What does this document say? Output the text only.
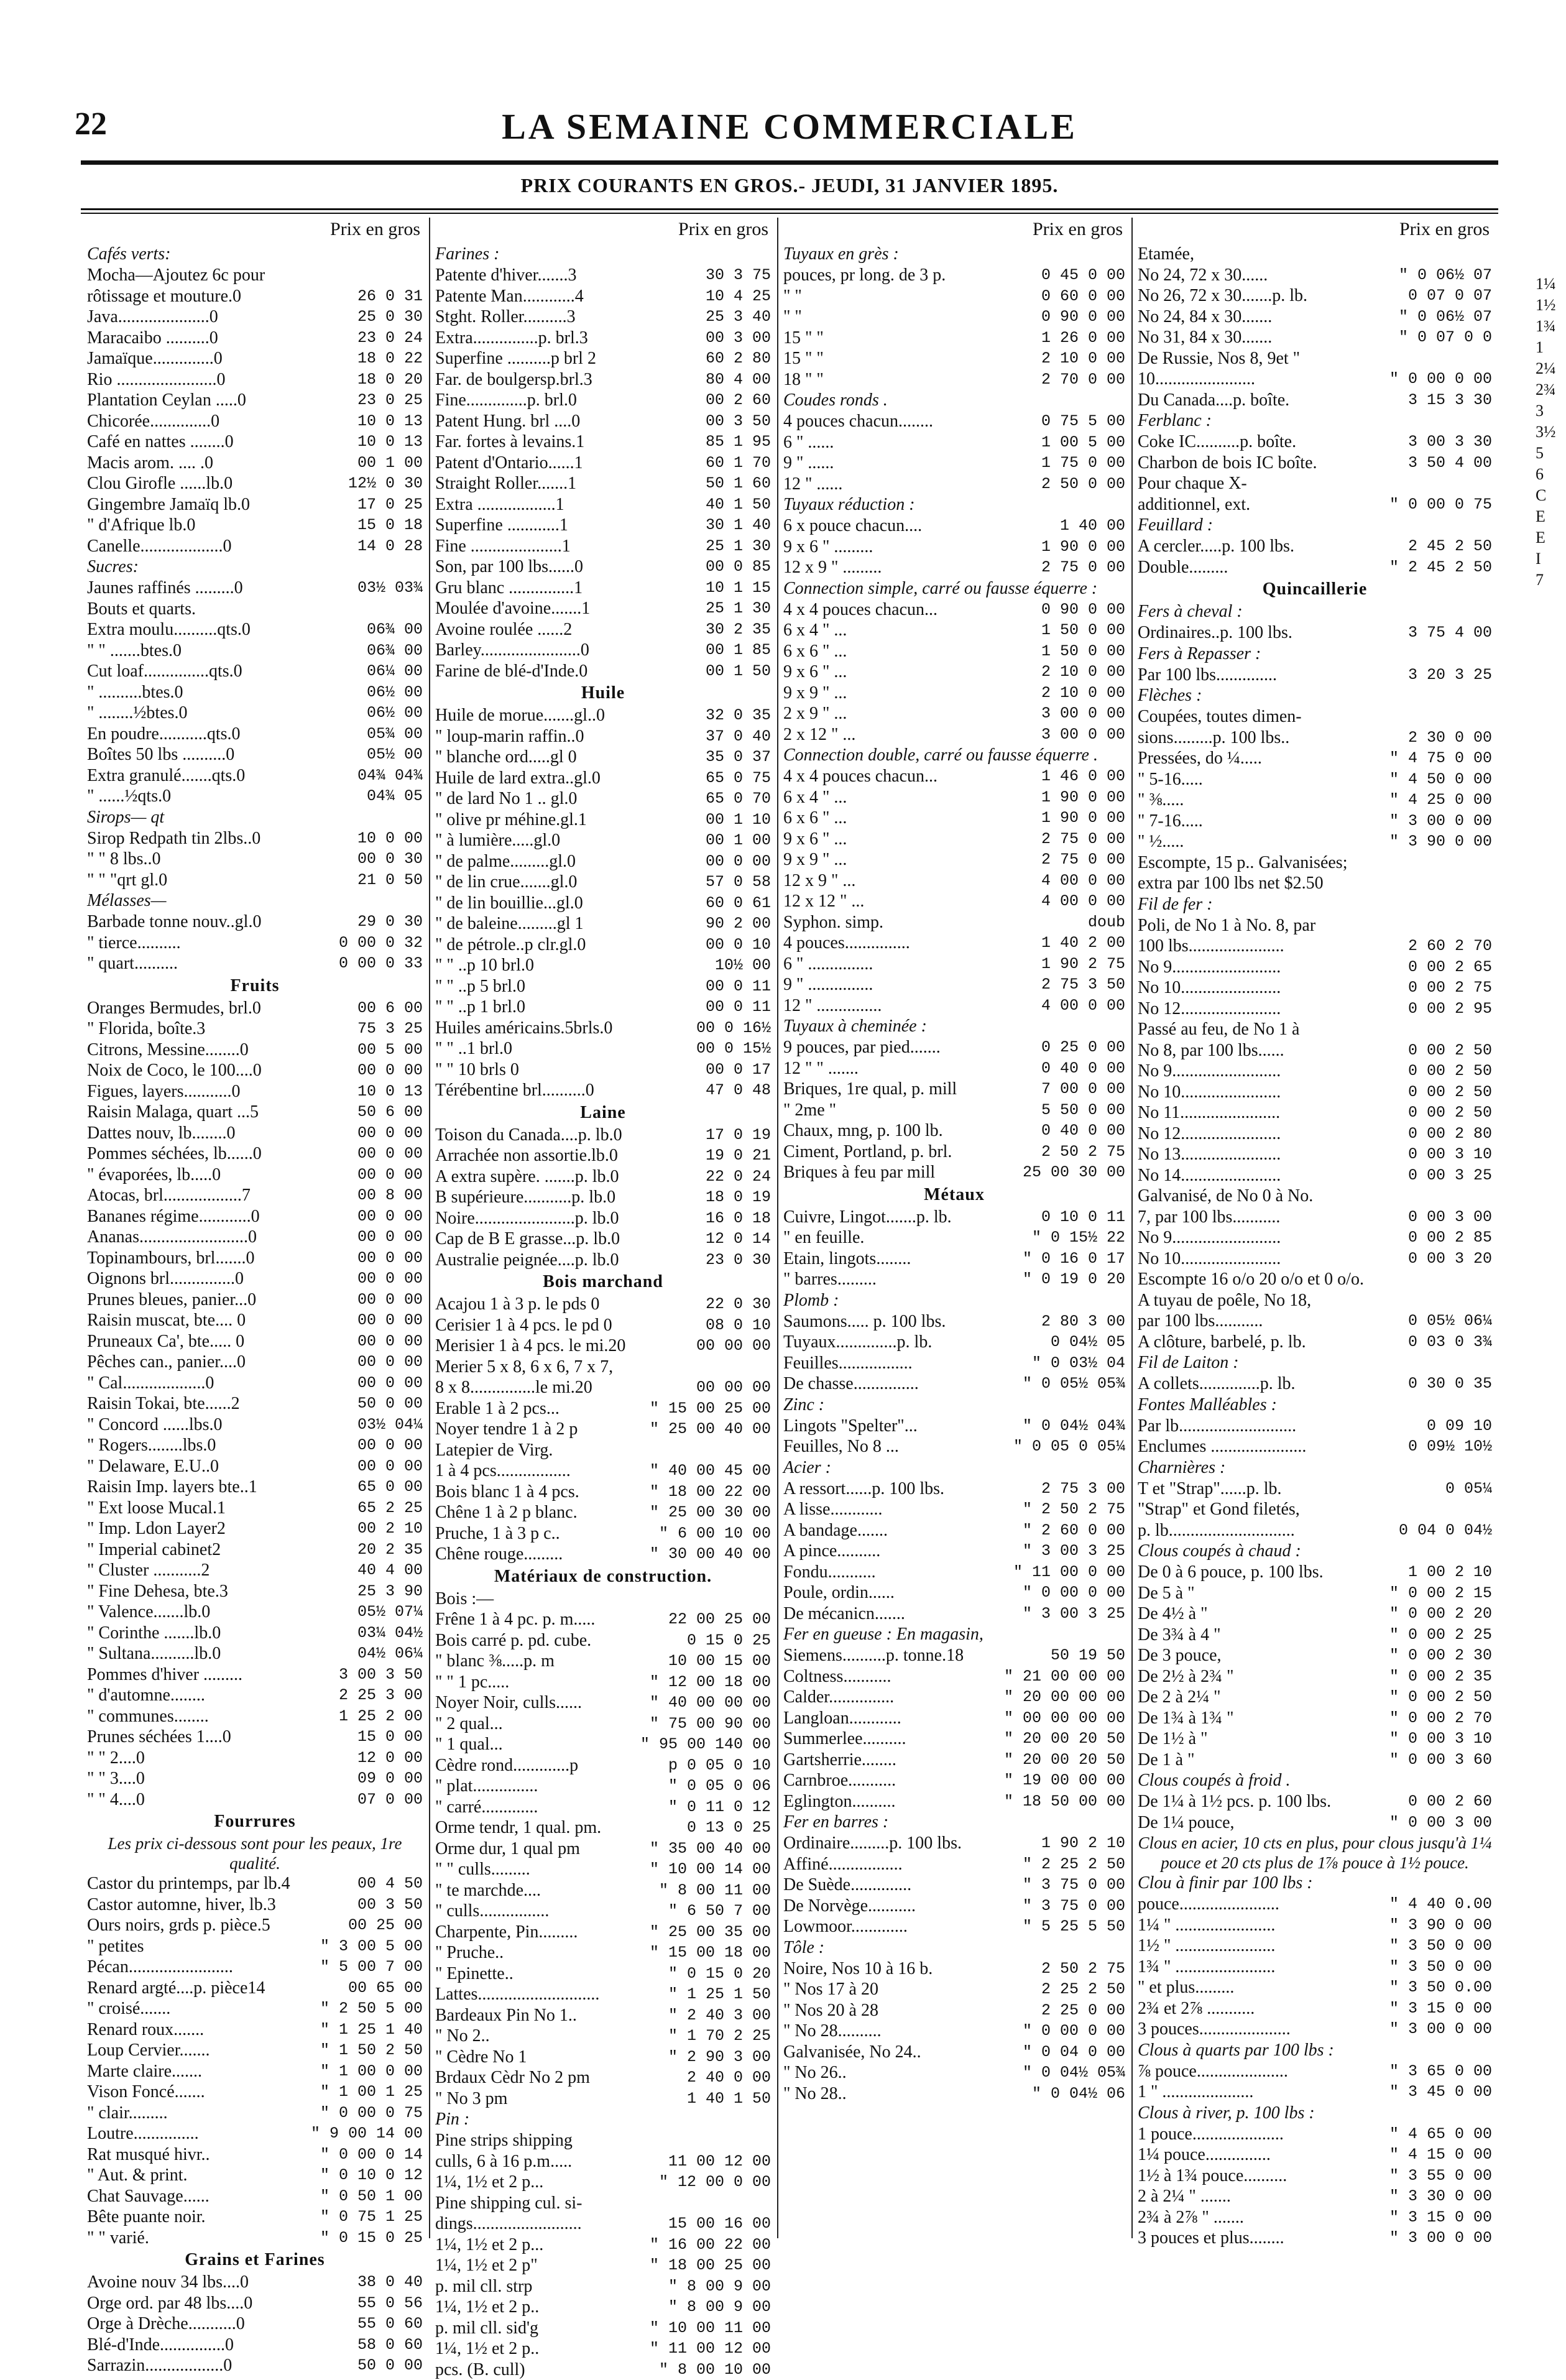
22	LA SEMAINE COMMERCIALE
PRIX COURANTS EN GROS.- JEUDI, 31 JANVIER 1895.
Prix en gros
Cafés verts:
Mocha—Ajoutez 6c pour
rôtissage et mouture.0	26 0 31
Java.....................0	25 0 30
Maracaibo ..........0	23 0 24
Jamaïque..............0	18 0 22
Rio .......................0	18 0 20
Plantation Ceylan .....0	23 0 25
Chicorée..............0	10 0 13
Café en nattes ........0	10 0 13
Macis arom. .... .0	00 1 00
Clou Girofle ......lb.0	12½ 0 30
Gingembre Jamaïq lb.0	17 0 25
" d'Afrique lb.0	15 0 18
Canelle...................0	14 0 28
Sucres:
Jaunes raffinés .........0	03½ 03¾
Bouts et quarts.
Extra moulu..........qts.0	06¾ 00
" " .......btes.0	06¾ 00
Cut loaf...............qts.0	06¼ 00
" ..........btes.0	06½ 00
" ........½btes.0	06½ 00
En poudre...........qts.0	05¾ 00
Boîtes 50 lbs ..........0	05½ 00
Extra granulé.......qts.0	04¾ 04¾
" ......½qts.0	04¾ 05
Sirops— qt
Sirop Redpath tin 2lbs..0	10 0 00
" " 8 lbs..0	00 0 30
" " "qrt gl.0	21 0 50
Mélasses—
Barbade tonne nouv..gl.0	29 0 30
" tierce..........	0 00 0 32
" quart..........	0 00 0 33
Fruits
Oranges Bermudes, brl.0	00 6 00
" Florida, boîte.3	75 3 25
Citrons, Messine........0	00 5 00
Noix de Coco, le 100....0	00 0 00
Figues, layers...........0	10 0 13
Raisin Malaga, quart ...5	50 6 00
Dattes nouv, lb........0	00 0 00
Pommes séchées, lb......0	00 0 00
" évaporées, lb.....0	00 0 00
Atocas, brl..................7	00 8 00
Bananes régime............0	00 0 00
Ananas.........................0	00 0 00
Topinambours, brl.......0	00 0 00
Oignons brl...............0	00 0 00
Prunes bleues, panier...0	00 0 00
Raisin muscat, bte.... 0	00 0 00
Pruneaux Ca', bte..... 0	00 0 00
Pêches can., panier....0	00 0 00
" Cal...................0	00 0 00
Raisin Tokai, bte......2	50 0 00
" Concord ......lbs.0	03½ 04¼
" Rogers........lbs.0	00 0 00
" Delaware, E.U..0	00 0 00
Raisin Imp. layers bte..1	65 0 00
" Ext loose Mucal.1	65 2 25
" Imp. Ldon Layer2	00 2 10
" Imperial cabinet2	20 2 35
" Cluster ...........2	40 4 00
" Fine Dehesa, bte.3	25 3 90
" Valence.......lb.0	05½ 07¼
" Corinthe .......lb.0	03¼ 04½
" Sultana..........lb.0	04½ 06¼
Pommes d'hiver .........	3 00 3 50
" d'automne........	2 25 3 00
" communes........	1 25 2 00
Prunes séchées 1....0	15 0 00
" " 2....0	12 0 00
" " 3....0	09 0 00
" " 4....0	07 0 00
Fourrures
Les prix ci-dessous sont pour les peaux, 1re qualité.
Castor du printemps, par lb.4	00 4 50
Castor automne, hiver, lb.3	00 3 50
Ours noirs, grds p. pièce.5	00 25 00
" petites	" 3 00 5 00
Pécan........................	" 5 00 7 00
Renard argté....p. pièce14	00 65 00
" croisé.......	" 2 50 5 00
Renard roux.......	" 1 25 1 40
Loup Cervier.......	" 1 50 2 50
Marte claire.......	" 1 00 0 00
Vison Foncé.......	" 1 00 1 25
" clair.........	" 0 00 0 75
Loutre...............	" 9 00 14 00
Rat musqué hivr..	" 0 00 0 14
" Aut. & print.	" 0 10 0 12
Chat Sauvage......	" 0 50 1 00
Bête puante noir.	" 0 75 1 25
" " varié.	" 0 15 0 25
Grains et Farines
Avoine nouv 34 lbs....0	38 0 40
Orge ord. par 48 lbs....0	55 0 56
Orge à Drèche...........0	55 0 60
Blé-d'Inde...............0	58 0 60
Sarrazin..................0	50 0 00
Prix en gros
Farines :
Patente d'hiver.......3	30 3 75
Patente Man............4	10 4 25
Stght. Roller..........3	25 3 40
Extra...............p. brl.3	00 3 00
Superfine ..........p brl 2	60 2 80
Far. de boulgersp.brl.3	80 4 00
Fine..............p. brl.0	00 2 60
Patent Hung. brl ....0	00 3 50
Far. fortes à levains.1	85 1 95
Patent d'Ontario......1	60 1 70
Straight Roller.......1	50 1 60
Extra ..................1	40 1 50
Superfine ............1	30 1 40
Fine .....................1	25 1 30
Son, par 100 lbs......0	00 0 85
Gru blanc ...............1	10 1 15
Moulée d'avoine.......1	25 1 30
Avoine roulée ......2	30 2 35
Barley.......................0	00 1 85
Farine de blé-d'Inde.0	00 1 50
Huile
Huile de morue.......gl..0	32 0 35
" loup-marin raffin..0	37 0 40
" blanche ord.....gl 0	35 0 37
Huile de lard extra..gl.0	65 0 75
" de lard No 1 .. gl.0	65 0 70
" olive pr méhine.gl.1	00 1 10
" à lumière.....gl.0	00 1 00
" de palme.........gl.0	00 0 00
" de lin crue.......gl.0	57 0 58
" de lin bouillie...gl.0	60 0 61
" de baleine.........gl 1	90 2 00
" de pétrole..p clr.gl.0	00 0 10
" " ..p 10 brl.0	10½ 00
" " ..p 5 brl.0	00 0 11
" " ..p 1 brl.0	00 0 11
Huiles américains.5brls.0	00 0 16½
" " ..1 brl.0	00 0 15½
" " 10 brls 0	00 0 17
Térébentine brl..........0	47 0 48
Laine
Toison du Canada....p. lb.0	17 0 19
Arrachée non assortie.lb.0	19 0 21
A extra supère. .......p. lb.0	22 0 24
B supérieure...........p. lb.0	18 0 19
Noire.......................p. lb.0	16 0 18
Cap de B E grasse...p. lb.0	12 0 14
Australie peignée....p. lb.0	23 0 30
Bois marchand
Acajou 1 à 3 p. le pds 0	22 0 30
Cerisier 1 à 4 pcs. le pd 0	08 0 10
Merisier 1 à 4 pcs. le mi.20	00 00 00
Merier 5 x 8, 6 x 6, 7 x 7,
8 x 8...............le mi.20	00 00 00
Erable 1 à 2 pcs...	" 15 00 25 00
Noyer tendre 1 à 2 p	" 25 00 40 00
Latepier de Virg.
1 à 4 pcs.................	" 40 00 45 00
Bois blanc 1 à 4 pcs.	" 18 00 22 00
Chêne 1 à 2 p blanc.	" 25 00 30 00
Pruche, 1 à 3 p c..	" 6 00 10 00
Chêne rouge.........	" 30 00 40 00
Matériaux de construction.
Bois :—
Frêne 1 à 4 pc. p. m.....	22 00 25 00
Bois carré p. pd. cube.	0 15 0 25
" blanc ⅜.....p. m	10 00 15 00
" " 1 pc.....	" 12 00 18 00
Noyer Noir, culls......	" 40 00 00 00
" 2 qual...	" 75 00 90 00
" 1 qual...	" 95 00 140 00
Cèdre rond.............p	p 0 05 0 10
" plat...............	" 0 05 0 06
" carré.............	" 0 11 0 12
Orme tendr, 1 qual. pm.	0 13 0 25
Orme dur, 1 qual pm	" 35 00 40 00
" " culls.........	" 10 00 14 00
" te marchde....	" 8 00 11 00
" culls................	" 6 50 7 00
Charpente, Pin.........	" 25 00 35 00
" Pruche..	" 15 00 18 00
" Epinette..	" 0 15 0 20
Lattes............................	" 1 25 1 50
Bardeaux Pin No 1..	" 2 40 3 00
" No 2..	" 1 70 2 25
" Cèdre No 1	" 2 90 3 00
Brdaux Cèdr No 2 pm	2 40 0 00
" No 3 pm	1 40 1 50
Pin :
Pine strips shipping
culls, 6 à 16 p.m.....	11 00 12 00
1¼, 1½ et 2 p...	" 12 00 0 00
Pine shipping cul. si-
dings.........................	15 00 16 00
1¼, 1½ et 2 p...	" 16 00 22 00
1¼, 1½ et 2 p"	" 18 00 25 00
p. mil cll. strp	" 8 00 9 00
1¼, 1½ et 2 p..	" 8 00 9 00
p. mil cll. sid'g	" 10 00 11 00
1¼, 1½ et 2 p..	" 11 00 12 00
pcs. (B. cull)	" 8 00 10 00
Prix en gros
Tuyaux en grès :
pouces, pr long. de 3 p.	0 45 0 00
" "	0 60 0 00
" "	0 90 0 00
15 " "	1 26 0 00
15 " "	2 10 0 00
18 " "	2 70 0 00
Coudes ronds .
4 pouces chacun........	0 75 5 00
6 " ......	1 00 5 00
9 " ......	1 75 0 00
12 " ......	2 50 0 00
Tuyaux réduction :
6 x pouce chacun....	1 40 00
9 x 6 " .........	1 90 0 00
12 x 9 " .........	2 75 0 00
Connection simple, carré ou fausse équerre :
4 x 4 pouces chacun...	0 90 0 00
6 x 4 " ...	1 50 0 00
6 x 6 " ...	1 50 0 00
9 x 6 " ...	2 10 0 00
9 x 9 " ...	2 10 0 00
2 x 9 " ...	3 00 0 00
2 x 12 " ...	3 00 0 00
Connection double, carré ou fausse équerre .
4 x 4 pouces chacun...	1 46 0 00
6 x 4 " ...	1 90 0 00
6 x 6 " ...	1 90 0 00
9 x 6 " ...	2 75 0 00
9 x 9 " ...	2 75 0 00
12 x 9 " ...	4 00 0 00
12 x 12 " ...	4 00 0 00
Syphon. simp.	doub
4 pouces...............	1 40 2 00
6 " ...............	1 90 2 75
9 " ...............	2 75 3 50
12 " ...............	4 00 0 00
Tuyaux à cheminée :
9 pouces, par pied.......	0 25 0 00
12 " " .......	0 40 0 00
Briques, 1re qual, p. mill	7 00 0 00
" 2me "	5 50 0 00
Chaux, mng, p. 100 lb.	0 40 0 00
Ciment, Portland, p. brl.	2 50 2 75
Briques à feu par mill	25 00 30 00
Métaux
Cuivre, Lingot.......p. lb.	0 10 0 11
" en feuille.	" 0 15½ 22
Etain, lingots........	" 0 16 0 17
" barres.........	" 0 19 0 20
Plomb :
Saumons..... p. 100 lbs.	2 80 3 00
Tuyaux..............p. lb.	0 04½ 05
Feuilles.................	" 0 03½ 04
De chasse...............	" 0 05½ 05¾
Zinc :
Lingots "Spelter"...	" 0 04½ 04¾
Feuilles, No 8 ...	" 0 05 0 05¼
Acier :
A ressort......p. 100 lbs.	2 75 3 00
A lisse............	" 2 50 2 75
A bandage.......	" 2 60 0 00
A pince..........	" 3 00 3 25
Fondu...........	" 11 00 0 00
Poule, ordin......	" 0 00 0 00
De mécanicn.......	" 3 00 3 25
Fer en gueuse : En magasin,
Siemens..........p. tonne.18	50 19 50
Coltness...........	" 21 00 00 00
Calder...............	" 20 00 00 00
Langloan............	" 00 00 00 00
Summerlee..........	" 20 00 20 50
Gartsherrie........	" 20 00 20 50
Carnbroe...........	" 19 00 00 00
Eglington..........	" 18 50 00 00
Fer en barres :
Ordinaire.........p. 100 lbs.	1 90 2 10
Affiné.................	" 2 25 2 50
De Suède..............	" 3 75 0 00
De Norvège...........	" 3 75 0 00
Lowmoor.............	" 5 25 5 50
Tôle :
Noire, Nos 10 à 16 b.	2 50 2 75
" Nos 17 à 20	2 25 2 50
" Nos 20 à 28	2 25 0 00
" No 28..........	" 0 00 0 00
Galvanisée, No 24..	" 0 04 0 00
" No 26..	" 0 04½ 05¾
" No 28..	" 0 04½ 06
Prix en gros
Etamée,
No 24, 72 x 30......	" 0 06½ 07
No 26, 72 x 30.......p. lb.	0 07 0 07
No 24, 84 x 30.......	" 0 06½ 07
No 31, 84 x 30.......	" 0 07 0 0
De Russie, Nos 8, 9et "
10.......................	" 0 00 0 00
Du Canada....p. boîte.	3 15 3 30
Ferblanc :
Coke IC..........p. boîte.	3 00 3 30
Charbon de bois IC boîte.	3 50 4 00
Pour chaque X-
additionnel, ext.	" 0 00 0 75
Feuillard :
A cercler.....p. 100 lbs.	2 45 2 50
Double.........	" 2 45 2 50
Quincaillerie
Fers à cheval :
Ordinaires..p. 100 lbs.	3 75 4 00
Fers à Repasser :
Par 100 lbs..............	3 20 3 25
Flèches :
Coupées, toutes dimen-
sions.........p. 100 lbs..	2 30 0 00
Pressées, do ¼.....	" 4 75 0 00
" 5-16.....	" 4 50 0 00
" ⅜.....	" 4 25 0 00
" 7-16.....	" 3 00 0 00
" ½.....	" 3 90 0 00
Escompte, 15 p.. Galvanisées;
extra par 100 lbs net $2.50
Fil de fer :
Poli, de No 1 à No. 8, par
100 lbs......................	2 60 2 70
No 9.........................	0 00 2 65
No 10.......................	0 00 2 75
No 12.......................	0 00 2 95
Passé au feu, de No 1 à
No 8, par 100 lbs......	0 00 2 50
No 9.........................	0 00 2 50
No 10.......................	0 00 2 50
No 11.......................	0 00 2 50
No 12.......................	0 00 2 80
No 13.......................	0 00 3 10
No 14.......................	0 00 3 25
Galvanisé, de No 0 à No.
7, par 100 lbs...........	0 00 3 00
No 9.........................	0 00 2 85
No 10.......................	0 00 3 20
Escompte 16 o/o 20 o/o et 0 o/o.
A tuyau de poêle, No 18,
par 100 lbs...........	0 05½ 06¼
A clôture, barbelé, p. lb.	0 03 0 3¾
Fil de Laiton :
A collets..............p. lb.	0 30 0 35
Fontes Malléables :
Par lb...........................	0 09 10
Enclumes ......................	0 09½ 10½
Charnières :
T et "Strap"......p. lb.	0 05¼
"Strap" et Gond filetés,
p. lb.............................	0 04 0 04½
Clous coupés à chaud :
De 0 à 6 pouce, p. 100 lbs.	1 00 2 10
De 5 à "	" 0 00 2 15
De 4½ à "	" 0 00 2 20
De 3¾ à 4 "	" 0 00 2 25
De 3 pouce,	" 0 00 2 30
De 2½ à 2¾ "	" 0 00 2 35
De 2 à 2¼ "	" 0 00 2 50
De 1¾ à 1¾ "	" 0 00 2 70
De 1½ à "	" 0 00 3 10
De 1 à "	" 0 00 3 60
Clous coupés à froid .
De 1¼ à 1½ pcs. p. 100 lbs.	0 00 2 60
De 1¼ pouce,	" 0 00 3 00
Clous en acier, 10 cts en plus, pour clous jusqu'à 1¼ pouce et 20 cts plus de 1⅞ pouce à 1½ pouce.
Clou à finir par 100 lbs :
pouce.......................	" 4 40 0.00
1¼ " .......................	" 3 90 0 00
1½ " .......................	" 3 50 0 00
1¾ " .......................	" 3 50 0 00
" et plus.........	" 3 50 0.00
2¾ et 2⅞ ...........	" 3 15 0 00
3 pouces.....................	" 3 00 0 00
Clous à quarts par 100 lbs :
⅞ pouce.....................	" 3 65 0 00
1 " .....................	" 3 45 0 00
Clous à river, p. 100 lbs :
1 pouce.....................	" 4 65 0 00
1¼ pouce...............	" 4 15 0 00
1½ à 1¾ pouce..........	" 3 55 0 00
2 à 2¼ " .......	" 3 30 0 00
2¾ à 2⅞ " .......	" 3 15 0 00
3 pouces et plus........	" 3 00 0 00
1¼
1½
1¾
1
2¼
2¾
3
3½
5
6
C
E
E
I
7
